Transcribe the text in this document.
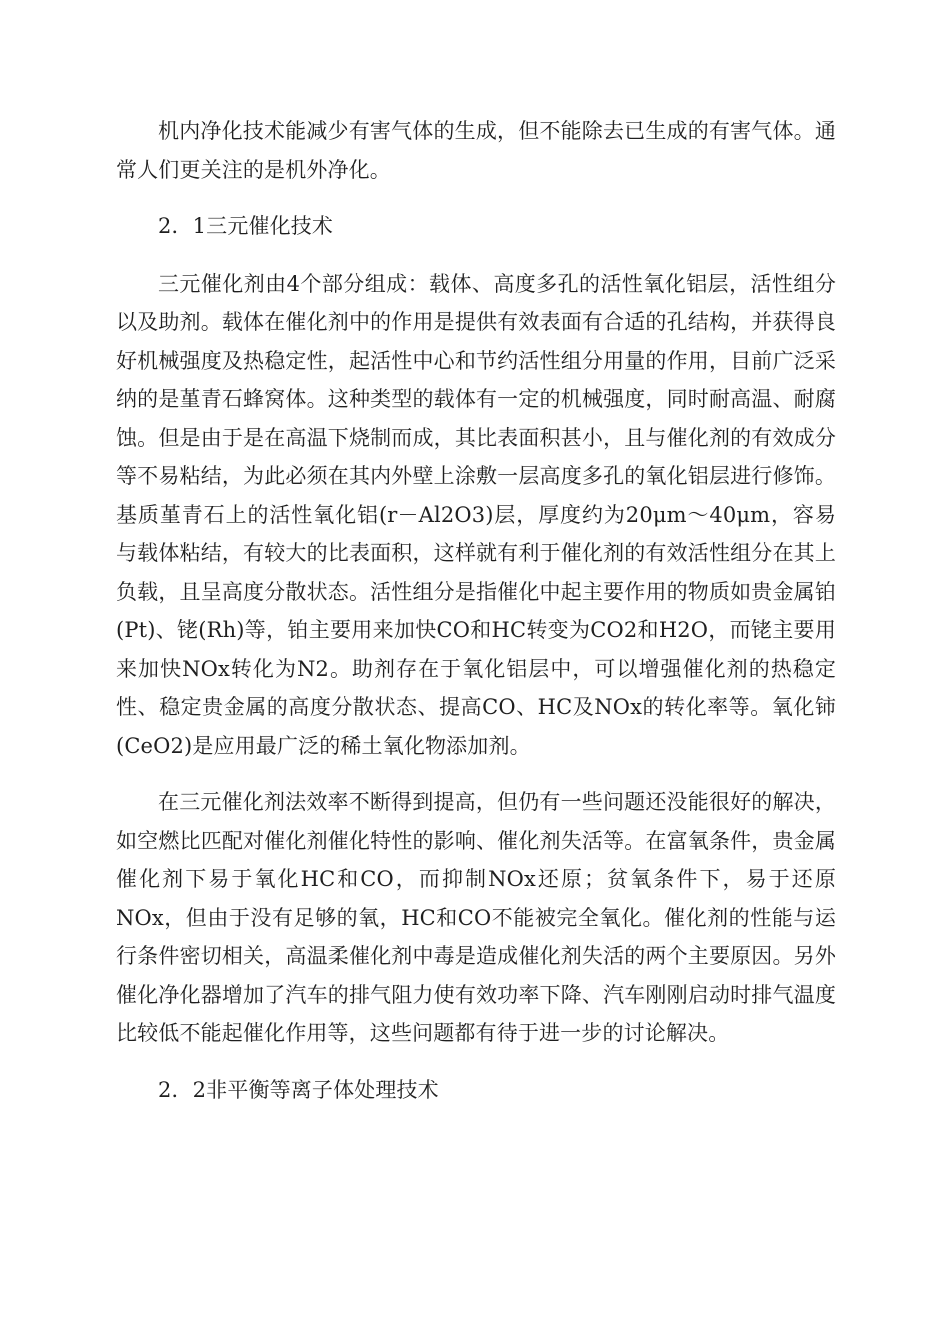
机内净化技术能减少有害气体的生成，但不能除去已生成的有害气体。通常人们更关注的是机外净化。

2．1三元催化技术

三元催化剂由4个部分组成：载体、高度多孔的活性氧化铝层，活性组分以及助剂。载体在催化剂中的作用是提供有效表面有合适的孔结构，并获得良好机械强度及热稳定性，起活性中心和节约活性组分用量的作用，目前广泛采纳的是堇青石蜂窝体。这种类型的载体有一定的机械强度，同时耐高温、耐腐蚀。但是由于是在高温下烧制而成，其比表面积甚小，且与催化剂的有效成分等不易粘结，为此必须在其内外壁上涂敷一层高度多孔的氧化铝层进行修饰。基质堇青石上的活性氧化铝(r－Al2O3)层，厚度约为20μm～40μm，容易与载体粘结，有较大的比表面积，这样就有利于催化剂的有效活性组分在其上负载，且呈高度分散状态。活性组分是指催化中起主要作用的物质如贵金属铂(Pt)、铑(Rh)等，铂主要用来加快CO和HC转变为CO2和H2O，而铑主要用来加快NOx转化为N2。助剂存在于氧化铝层中，可以增强催化剂的热稳定性、稳定贵金属的高度分散状态、提高CO、HC及NOx的转化率等。氧化铈(CeO2)是应用最广泛的稀土氧化物添加剂。

在三元催化剂法效率不断得到提高，但仍有一些问题还没能很好的解决，如空燃比匹配对催化剂催化特性的影响、催化剂失活等。在富氧条件，贵金属催化剂下易于氧化HC和CO，而抑制NOx还原；贫氧条件下，易于还原NOx，但由于没有足够的氧，HC和CO不能被完全氧化。催化剂的性能与运行条件密切相关，高温柔催化剂中毒是造成催化剂失活的两个主要原因。另外催化净化器增加了汽车的排气阻力使有效功率下降、汽车刚刚启动时排气温度比较低不能起催化作用等，这些问题都有待于进一步的讨论解决。

2．2非平衡等离子体处理技术
